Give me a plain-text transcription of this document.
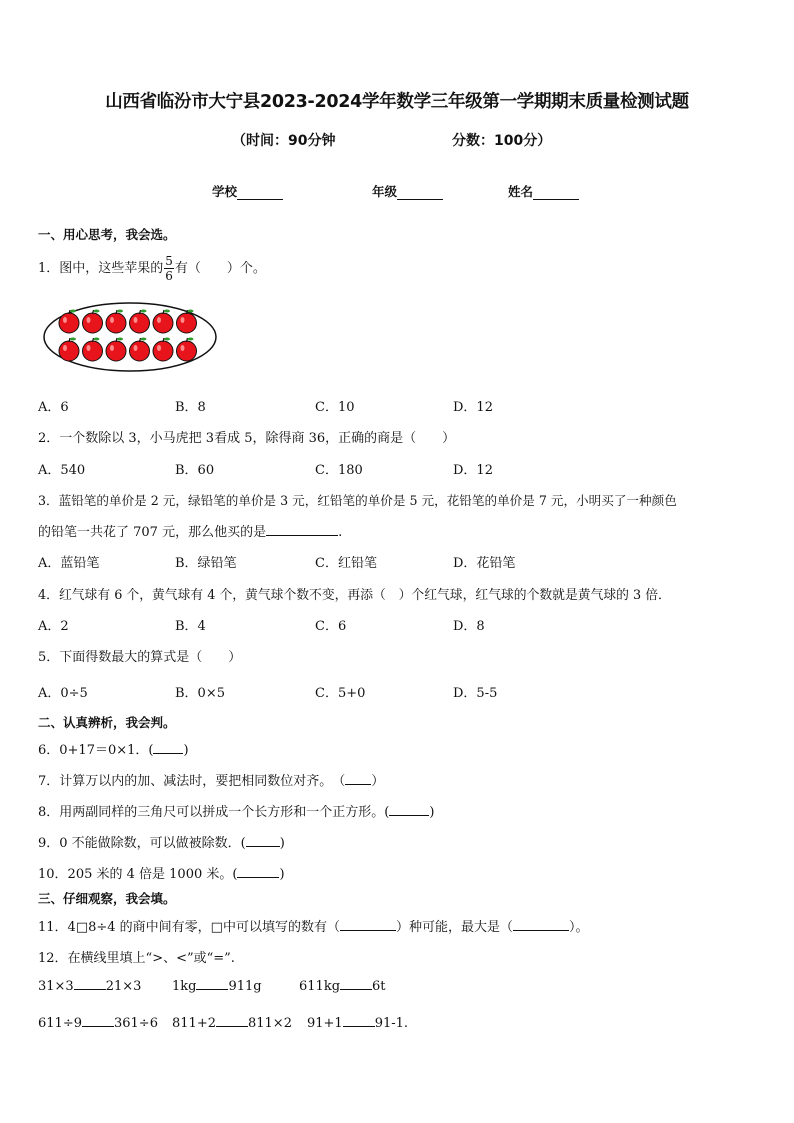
山西省临汾市大宁县2023-2024学年数学三年级第一学期期末质量检测试题
（时间：90分钟	分数：100分）
学校	年级	姓名
一、用心思考，我会选。
1．图中，这些苹果的 $\frac{5}{6}$ 有（　　）个。
A．6	B．8	C．10	D．12
2．一个数除以 3，小马虎把 3看成 5，除得商 36，正确的商是（　　）
A．540	B．60	C．180	D．12
3．蓝铅笔的单价是 2 元，绿铅笔的单价是 3 元，红铅笔的单价是 5 元，花铅笔的单价是 7 元，小明买了一种颜色
的铅笔一共花了 707 元，那么他买的是	.
A．蓝铅笔	B．绿铅笔	C．红铅笔	D．花铅笔
4．红气球有 6 个，黄气球有 4 个，黄气球个数不变，再添（　）个红气球，红气球的个数就是黄气球的 3 倍．
A．2	B．4	C．6	D．8
5．下面得数最大的算式是（　　）
A．0÷5	B．0×5	C．5+0	D．5-5
二、认真辨析，我会判。
6．0+17＝0×1．( )
7．计算万以内的加、减法时，要把相同数位对齐。　（ ）
8．用两副同样的三角尺可以拼成一个长方形和一个正方形。(	)
9．0 不能做除数，可以做被除数．(	)
10．205 米的 4 倍是 1000 米。(	)
三、仔细观察，我会填。
11．4□8÷4 的商中间有零，□中可以填写的数有（	）种可能，最大是（	）。
12．在横线里填上“>、<”或“=”.
31×3 21×3 1kg 911g	611kg 6t
611÷9 361÷6 811+2 811×2 91+1 91-1.
